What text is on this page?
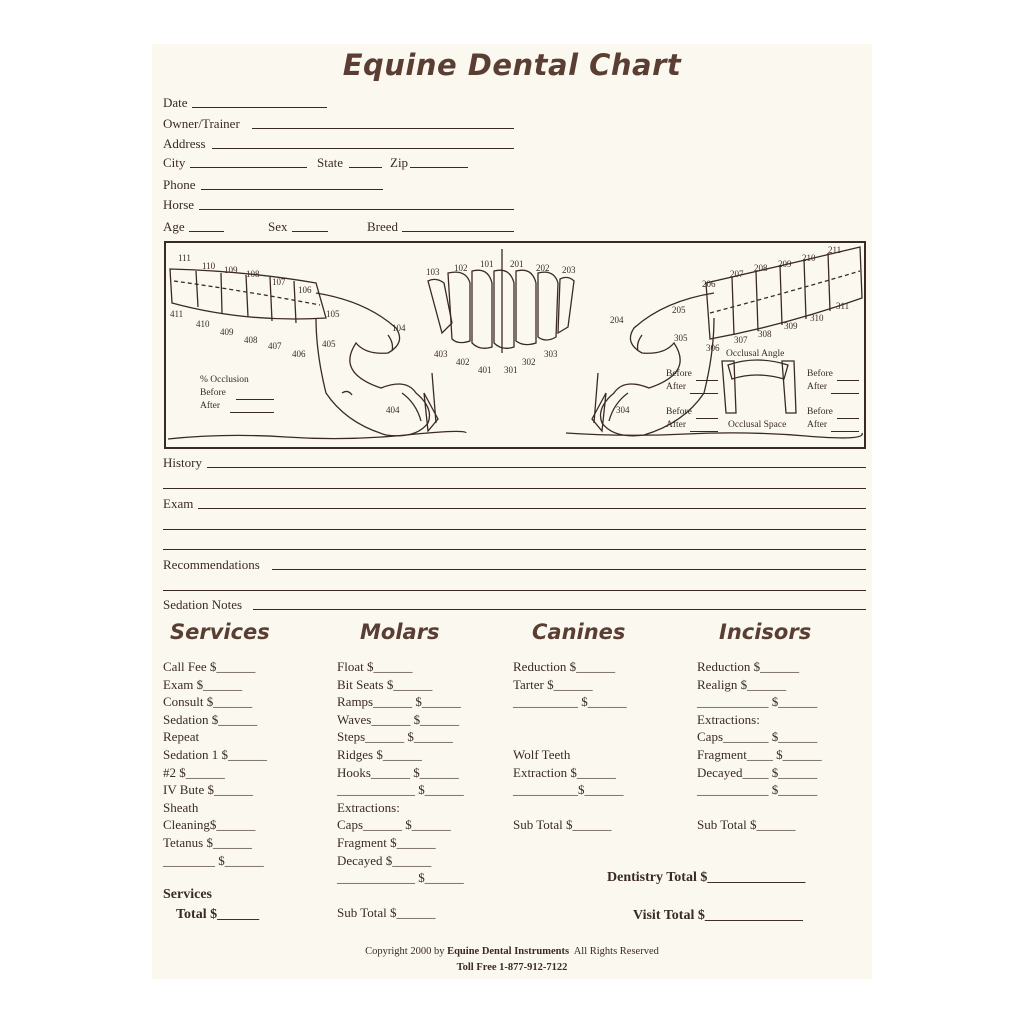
Equine Dental Chart
Date
Owner/Trainer
Address
City	State	Zip
Phone
Horse
Age	Sex	Breed
111
110 109 108
107
106
411
410
409
408
407
406
105
405
104
404
103 102 101 201 202 203
403
402
401 301
302
303
211
210
209
208
207
206
205	311
310
309
308
307
306
305
204
304
% Occlusion
Before
After
Occlusal Angle
Before
After
Before
After
Before
After	Occlusal Space
Before
After
History
Exam
Recommendations
Sedation Notes
Services	Molars	Canines	Incisors
Call Fee $______
Exam $______
Consult $______
Sedation $______
Repeat
Sedation 1 $______
#2 $______
IV Bute $______
Sheath
Cleaning$______
Tetanus $______
________ $______
Services
Total $______
Float $______
Bit Seats $______
Ramps______ $______
Waves______ $______
Steps______ $______
Ridges $______
Hooks______ $______
____________ $______
Extractions:
Caps______ $______
Fragment $______
Decayed $______
____________ $______
Sub Total $______
Reduction $______
Tarter $______
__________ $______
Wolf Teeth
Extraction $______
__________$______
Sub Total $______
Reduction $______
Realign $______
___________ $______
Extractions:
Caps_______ $______
Fragment____ $______
Decayed____ $______
___________ $______
Sub Total $______
Dentistry Total $______________
Visit Total $______________
Copyright 2000 by Equine Dental Instruments All Rights Reserved
Toll Free 1-877-912-7122
